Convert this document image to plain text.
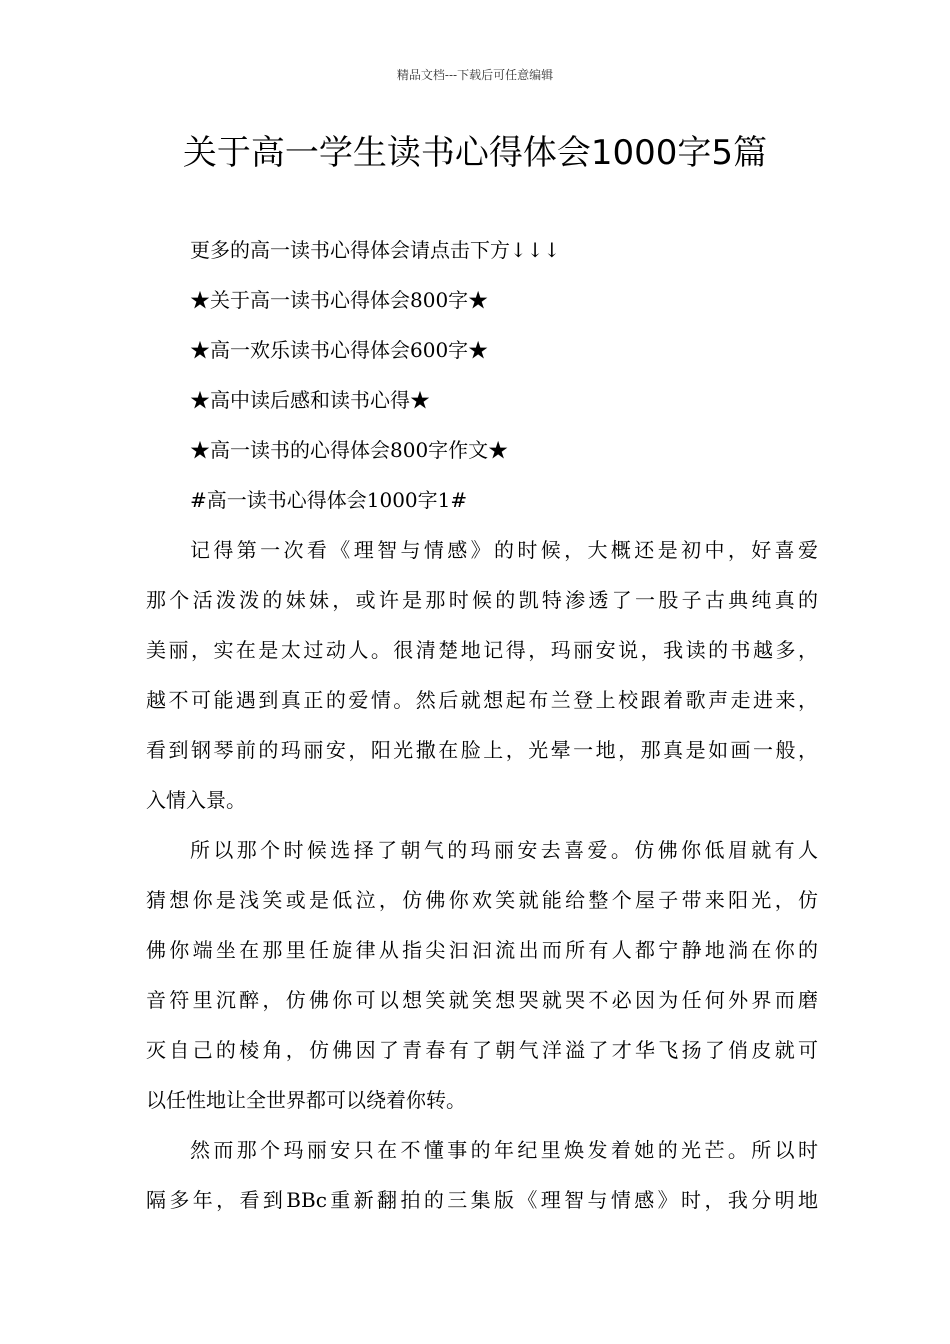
精品文档---下载后可任意编辑
关于高一学生读书心得体会1000字5篇
更多的高一读书心得体会请点击下方↓↓↓
★关于高一读书心得体会800字★
★高一欢乐读书心得体会600字★
★高中读后感和读书心得★
★高一读书的心得体会800字作文★
#高一读书心得体会1000字1#
记得第一次看《理智与情感》的时候，大概还是初中，好喜爱
那个活泼泼的妹妹，或许是那时候的凯特渗透了一股子古典纯真的
美丽，实在是太过动人。很清楚地记得，玛丽安说，我读的书越多，
越不可能遇到真正的爱情。然后就想起布兰登上校跟着歌声走进来，
看到钢琴前的玛丽安，阳光撒在脸上，光晕一地，那真是如画一般，
入情入景。
所以那个时候选择了朝气的玛丽安去喜爱。仿佛你低眉就有人
猜想你是浅笑或是低泣，仿佛你欢笑就能给整个屋子带来阳光，仿
佛你端坐在那里任旋律从指尖汩汩流出而所有人都宁静地淌在你的
音符里沉醉，仿佛你可以想笑就笑想哭就哭不必因为任何外界而磨
灭自己的棱角，仿佛因了青春有了朝气洋溢了才华飞扬了俏皮就可
以任性地让全世界都可以绕着你转。
然而那个玛丽安只在不懂事的年纪里焕发着她的光芒。所以时
隔多年，看到BBc重新翻拍的三集版《理智与情感》时，我分明地
